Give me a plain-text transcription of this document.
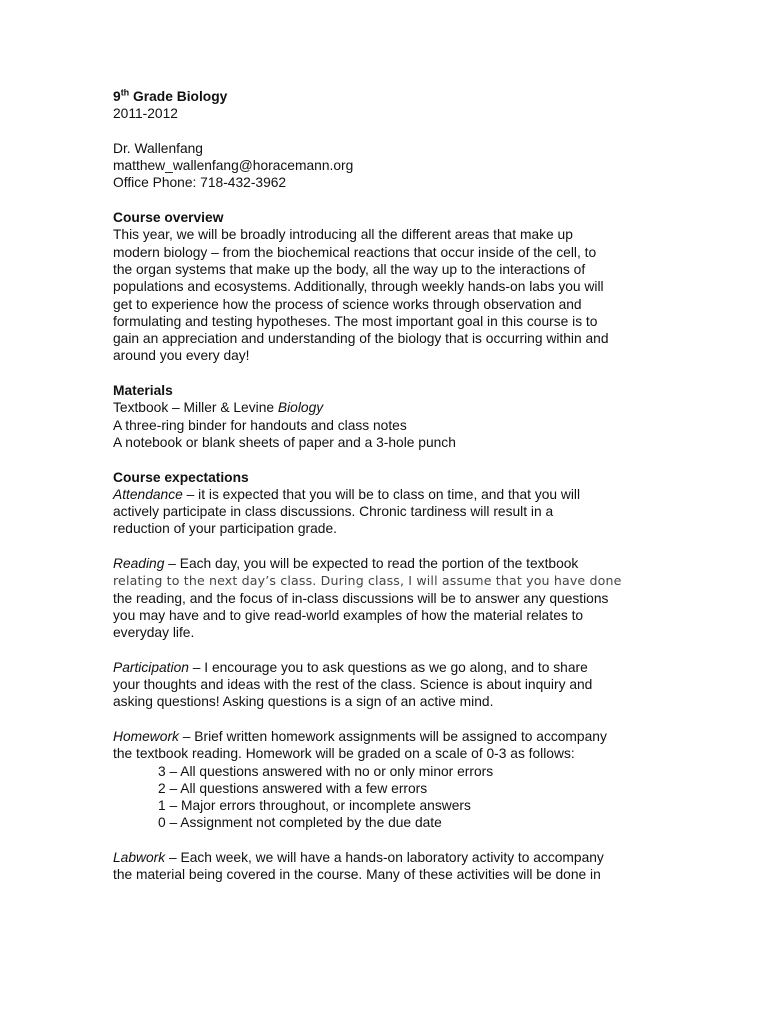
9th Grade Biology
2011-2012
Dr. Wallenfang
matthew_wallenfang@horacemann.org
Office Phone: 718-432-3962
Course overview
This year, we will be broadly introducing all the different areas that make up
modern biology – from the biochemical reactions that occur inside of the cell, to
the organ systems that make up the body, all the way up to the interactions of
populations and ecosystems. Additionally, through weekly hands-on labs you will
get to experience how the process of science works through observation and
formulating and testing hypotheses. The most important goal in this course is to
gain an appreciation and understanding of the biology that is occurring within and
around you every day!
Materials
Textbook – Miller & Levine Biology
A three-ring binder for handouts and class notes
A notebook or blank sheets of paper and a 3-hole punch
Course expectations
Attendance – it is expected that you will be to class on time, and that you will
actively participate in class discussions. Chronic tardiness will result in a
reduction of your participation grade.
Reading – Each day, you will be expected to read the portion of the textbook
relating to the next day’s class. During class, I will assume that you have done
the reading, and the focus of in-class discussions will be to answer any questions
you may have and to give read-world examples of how the material relates to
everyday life.
Participation – I encourage you to ask questions as we go along, and to share
your thoughts and ideas with the rest of the class. Science is about inquiry and
asking questions! Asking questions is a sign of an active mind.
Homework – Brief written homework assignments will be assigned to accompany
the textbook reading. Homework will be graded on a scale of 0-3 as follows:
3 – All questions answered with no or only minor errors
2 – All questions answered with a few errors
1 – Major errors throughout, or incomplete answers
0 – Assignment not completed by the due date
Labwork – Each week, we will have a hands-on laboratory activity to accompany
the material being covered in the course. Many of these activities will be done in
